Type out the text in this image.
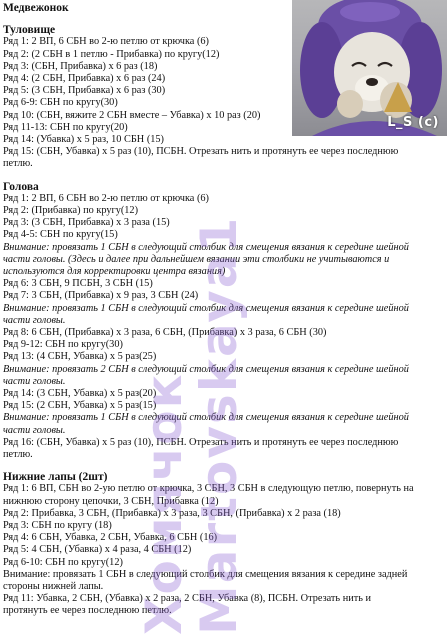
Медвежонок
Туловище
Ряд 1: 2 ВП, 6 СБН во 2-ю петлю от крючка (6)
Ряд 2: (2 СБН в 1 петлю - Прибавка) по кругу(12)
Ряд 3: (СБН, Прибавка) х 6 раз (18)
Ряд 4: (2 СБН, Прибавка) х 6 раз (24)
Ряд 5: (3 СБН, Прибавка) х 6 раз (30)
Ряд 6-9: СБН по кругу(30)
Ряд 10: (СБН, вяжите 2 СБН вместе – Убавка) х 10 раз (20)
Ряд 11-13: СБН по кругу(20)
Ряд 14: (Убавка) х 5 раз, 10 СБН (15)
Ряд 15: (СБН, Убавка) х 5 раз (10), ПСБН. Отрезать нить и протянуть ее через последнюю
петлю.
Голова
Ряд 1: 2 ВП, 6 СБН во 2-ю петлю от крючка (6)
Ряд 2: (Прибавка) по кругу(12)
Ряд 3: (3 СБН, Прибавка) х 3 раза (15)
Ряд 4-5: СБН по кругу(15)
Внимание: провязать 1 СБН в следующий столбик для смещения вязания к середине шейной
части головы. (Здесь и далее при дальнейшем вязании эти столбики не учитываются и
используются для корректировки центра вязания)
Ряд 6: 3 СБН, 9 ПСБН, 3 СБН (15)
Ряд 7: 3 СБН, (Прибавка) х 9 раз, 3 СБН (24)
Внимание: провязать 1 СБН в следующий столбик для смещения вязания к середине шейной
части головы.
Ряд 8: 6 СБН, (Прибавка) х 3 раза, 6 СБН, (Прибавка) х 3 раза, 6 СБН (30)
Ряд 9-12: СБН по кругу(30)
Ряд 13: (4 СБН, Убавка) х 5 раз(25)
Внимание: провязать 2 СБН в следующий столбик для смещения вязания к середине шейной
части головы.
Ряд 14: (3 СБН, Убавка) х 5 раз(20)
Ряд 15: (2 СБН, Убавка) х 5 раз(15)
Внимание: провязать 1 СБН в следующий столбик для смещения вязания к середине шейной
части головы.
Ряд 16: (СБН, Убавка) х 5 раз (10), ПСБН. Отрезать нить и протянуть ее через последнюю
петлю.
Нижние лапы (2шт)
Ряд 1: 6 ВП, СБН во 2-ую петлю от крючка, 3 СБН, 3 СБН в следующую петлю, повернуть на
нижнюю сторону цепочки, 3 СБН, Прибавка (12)
Ряд 2: Прибавка, 3 СБН, (Прибавка) х 3 раза, 3 СБН, (Прибавка) х 2 раза (18)
Ряд 3: СБН по кругу (18)
Ряд 4: 6 СБН, Убавка, 2 СБН, Убавка, 6 СБН (16)
Ряд 5: 4 СБН, (Убавка) х 4 раза, 4 СБН (12)
Ряд 6-10: СБН по кругу(12)
Внимание: провязать 1 СБН в следующий столбик для смещения вязания к середине задней
стороны нижней лапы.
Ряд 11: Убавка, 2 СБН, (Убавка) х 2 раза, 2 СБН, Убавка (8), ПСБН. Отрезать нить и
протянуть ее через последнюю петлю.
L_S (c)
Хомячок
Martovskaya1
